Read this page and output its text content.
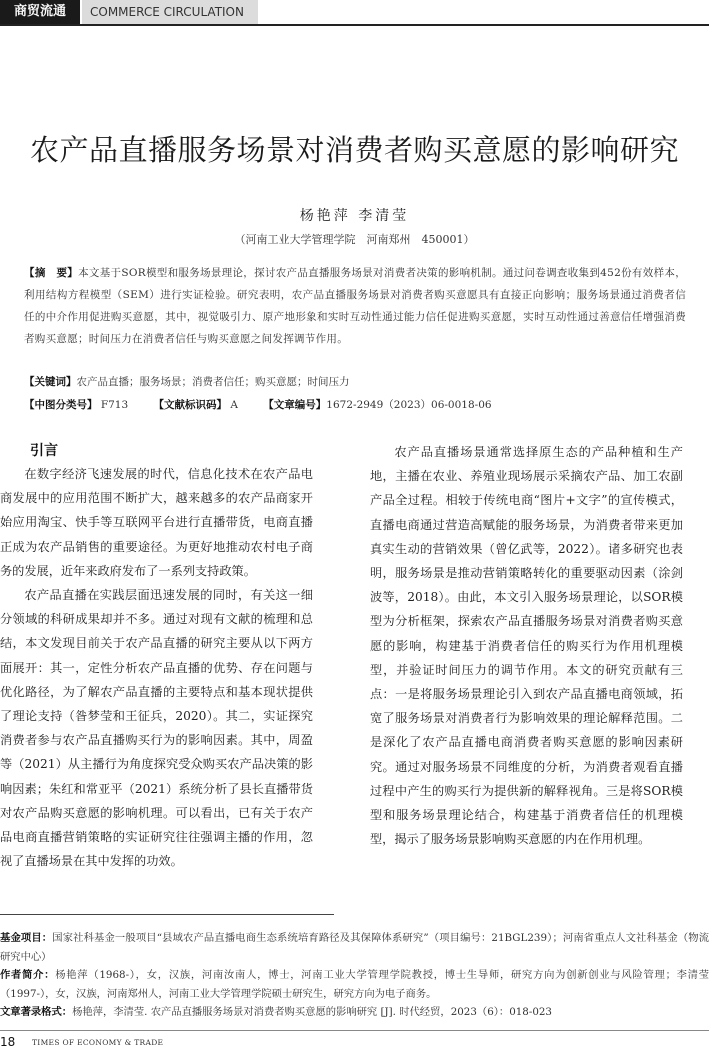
商贸流通	COMMERCE CIRCULATION
农产品直播服务场景对消费者购买意愿的影响研究
杨艳萍 李清莹
（河南工业大学管理学院　河南郑州　450001）
【摘　要】本文基于SOR模型和服务场景理论，探讨农产品直播服务场景对消费者决策的影响机制。通过问卷调查收集到452份有效样本，利用结构方程模型（SEM）进行实证检验。研究表明，农产品直播服务场景对消费者购买意愿具有直接正向影响；服务场景通过消费者信任的中介作用促进购买意愿，其中，视觉吸引力、原产地形象和实时互动性通过能力信任促进购买意愿，实时互动性通过善意信任增强消费者购买意愿；时间压力在消费者信任与购买意愿之间发挥调节作用。
【关键词】农产品直播；服务场景；消费者信任；购买意愿；时间压力
【中图分类号】 F713 【文献标识码】 A 【文章编号】1672-2949（2023）06-0018-06
引言

在数字经济飞速发展的时代，信息化技术在农产品电商发展中的应用范围不断扩大，越来越多的农产品商家开始应用淘宝、快手等互联网平台进行直播带货，电商直播正成为农产品销售的重要途径。为更好地推动农村电子商务的发展，近年来政府发布了一系列支持政策。

农产品直播在实践层面迅速发展的同时，有关这一细分领域的科研成果却并不多。通过对现有文献的梳理和总结，本文发现目前关于农产品直播的研究主要从以下两方面展开：其一，定性分析农产品直播的优势、存在问题与优化路径，为了解农产品直播的主要特点和基本现状提供了理论支持（昝梦莹和王征兵，2020）。其二，实证探究消费者参与农产品直播购买行为的影响因素。其中，周盈等（2021）从主播行为角度探究受众购买农产品决策的影响因素；朱红和常亚平（2021）系统分析了县长直播带货对农产品购买意愿的影响机理。可以看出，已有关于农产品电商直播营销策略的实证研究往往强调主播的作用，忽视了直播场景在其中发挥的功效。

农产品直播场景通常选择原生态的产品种植和生产地，主播在农业、养殖业现场展示采摘农产品、加工农副产品全过程。相较于传统电商“图片+文字”的宣传模式，直播电商通过营造高赋能的服务场景，为消费者带来更加真实生动的营销效果（曾亿武等，2022）。诸多研究也表明，服务场景是推动营销策略转化的重要驱动因素（涂剑波等，2018）。由此，本文引入服务场景理论，以SOR模型为分析框架，探索农产品直播服务场景对消费者购买意愿的影响，构建基于消费者信任的购买行为作用机理模型，并验证时间压力的调节作用。本文的研究贡献有三点：一是将服务场景理论引入到农产品直播电商领域，拓宽了服务场景对消费者行为影响效果的理论解释范围。二是深化了农产品直播电商消费者购买意愿的影响因素研究。通过对服务场景不同维度的分析，为消费者观看直播过程中产生的购买行为提供新的解释视角。三是将SOR模型和服务场景理论结合，构建基于消费者信任的机理模型，揭示了服务场景影响购买意愿的内在作用机理。

基金项目：国家社科基金一般项目“县域农产品直播电商生态系统培育路径及其保障体系研究”（项目编号：21BGL239）；河南省重点人文社科基金（物流研究中心）
作者简介：杨艳萍（1968-），女，汉族，河南汝南人，博士，河南工业大学管理学院教授，博士生导师，研究方向为创新创业与风险管理；李清莹（1997-），女，汉族，河南郑州人，河南工业大学管理学院硕士研究生，研究方向为电子商务。
文章著录格式：杨艳萍，李清莹. 农产品直播服务场景对消费者购买意愿的影响研究 [J]. 时代经贸，2023（6）：018-023
18 TIMES OF ECONOMY & TRADE
